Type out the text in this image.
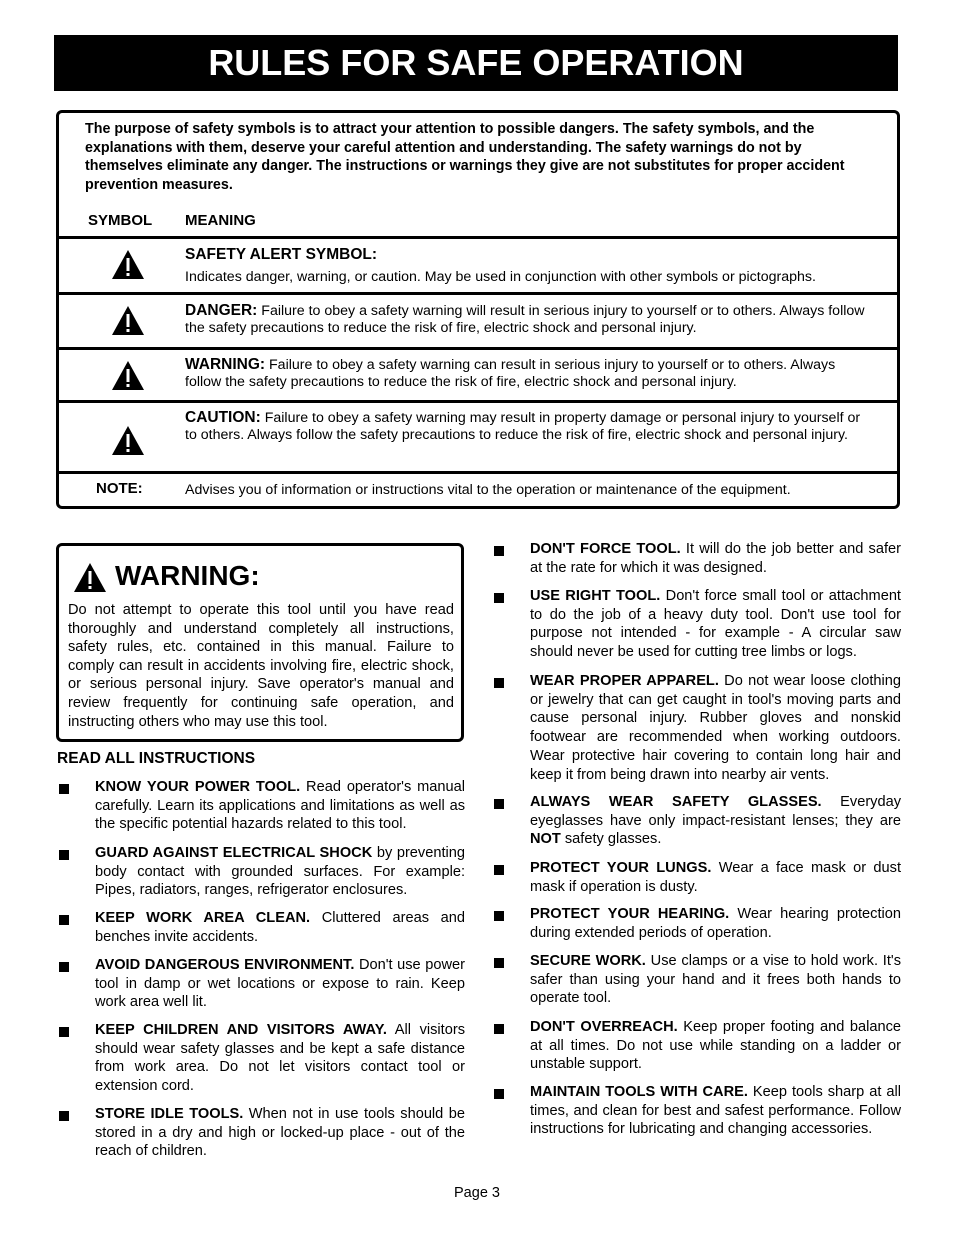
RULES FOR SAFE OPERATION
The purpose of safety symbols is to attract your attention to possible dangers. The safety symbols, and the explanations with them, deserve your careful attention and understanding. The safety warnings do not by themselves eliminate any danger. The instructions or warnings they give are not substitutes for proper accident prevention measures.
SYMBOL MEANING
SAFETY ALERT SYMBOL:
Indicates danger, warning, or caution. May be used in conjunction with other symbols or pictographs.
DANGER: Failure to obey a safety warning will result in serious injury to yourself or to others. Always follow the safety precautions to reduce the risk of fire, electric shock and personal injury.
WARNING: Failure to obey a safety warning can result in serious injury to yourself or to others. Always follow the safety precautions to reduce the risk of fire, electric shock and personal injury.
CAUTION: Failure to obey a safety warning may result in property damage or personal injury to yourself or to others. Always follow the safety precautions to reduce the risk of fire, electric shock and personal injury.
NOTE:	Advises you of information or instructions vital to the operation or maintenance of the equipment.
WARNING:
Do not attempt to operate this tool until you have read thoroughly and understand completely all instructions, safety rules, etc. contained in this manual. Failure to comply can result in accidents involving fire, electric shock, or serious personal injury. Save operator's manual and review frequently for continuing safe operation, and instructing others who may use this tool.
READ ALL INSTRUCTIONS
KNOW YOUR POWER TOOL. Read operator's manual carefully. Learn its applications and limitations as well as the specific potential hazards related to this tool.
GUARD AGAINST ELECTRICAL SHOCK by preventing body contact with grounded surfaces. For example: Pipes, radiators, ranges, refrigerator enclosures.
KEEP WORK AREA CLEAN. Cluttered areas and benches invite accidents.
AVOID DANGEROUS ENVIRONMENT. Don't use power tool in damp or wet locations or expose to rain. Keep work area well lit.
KEEP CHILDREN AND VISITORS AWAY. All visitors should wear safety glasses and be kept a safe distance from work area. Do not let visitors contact tool or extension cord.
STORE IDLE TOOLS. When not in use tools should be stored in a dry and high or locked-up place - out of the reach of children.
DON'T FORCE TOOL. It will do the job better and safer at the rate for which it was designed.
USE RIGHT TOOL. Don't force small tool or attachment to do the job of a heavy duty tool. Don't use tool for purpose not intended - for example - A circular saw should never be used for cutting tree limbs or logs.
WEAR PROPER APPAREL. Do not wear loose clothing or jewelry that can get caught in tool's moving parts and cause personal injury. Rubber gloves and nonskid footwear are recommended when working outdoors. Wear protective hair covering to contain long hair and keep it from being drawn into nearby air vents.
ALWAYS WEAR SAFETY GLASSES. Everyday eyeglasses have only impact-resistant lenses; they are NOT safety glasses.
PROTECT YOUR LUNGS. Wear a face mask or dust mask if operation is dusty.
PROTECT YOUR HEARING. Wear hearing protection during extended periods of operation.
SECURE WORK. Use clamps or a vise to hold work. It's safer than using your hand and it frees both hands to operate tool.
DON'T OVERREACH. Keep proper footing and balance at all times. Do not use while standing on a ladder or unstable support.
MAINTAIN TOOLS WITH CARE. Keep tools sharp at all times, and clean for best and safest performance. Follow instructions for lubricating and changing accessories.
Page 3
